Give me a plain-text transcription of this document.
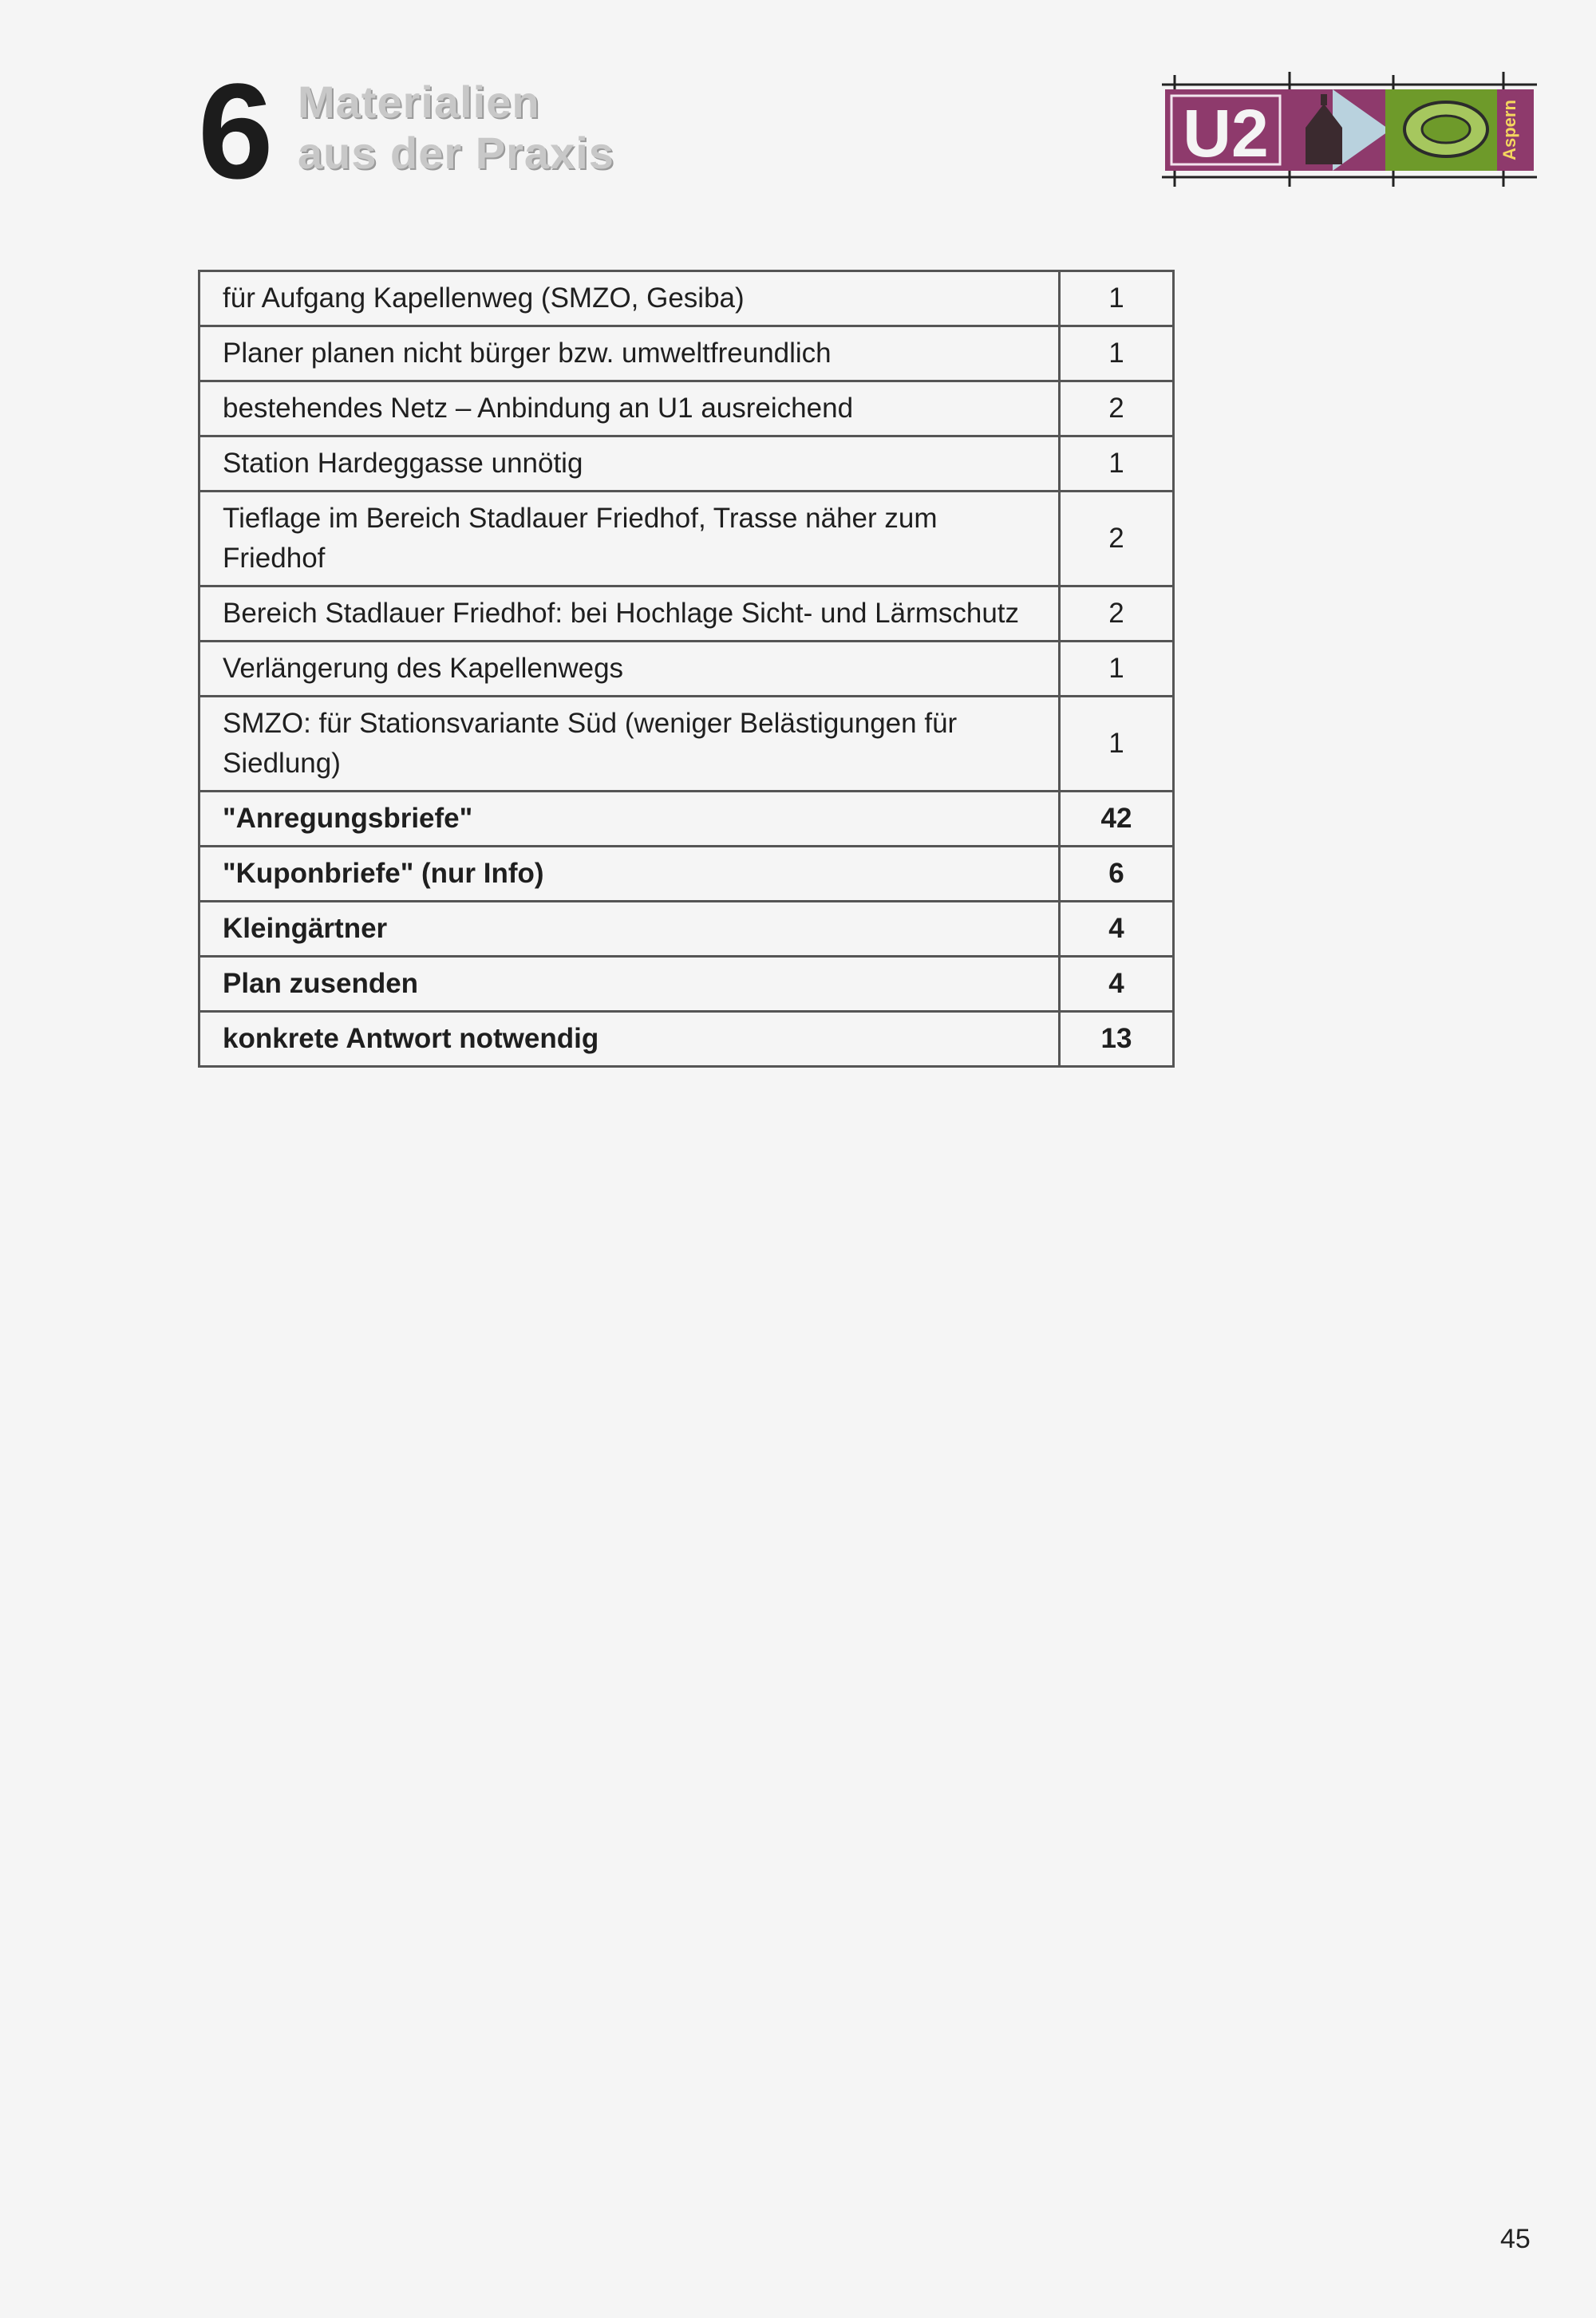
6 Materialien
aus der Praxis	U2	Aspern
für Aufgang Kapellenweg (SMZO, Gesiba)	1
Planer planen nicht bürger bzw. umweltfreundlich	1
bestehendes Netz – Anbindung an U1 ausreichend	2
Station Hardeggasse unnötig	1
Tieflage im Bereich Stadlauer Friedhof, Trasse näher zum Friedhof	2
Bereich Stadlauer Friedhof: bei Hochlage Sicht- und Lärmschutz	2
Verlängerung des Kapellenwegs	1
SMZO: für Stationsvariante Süd (weniger Belästigungen für Siedlung)	1
"Anregungsbriefe"	42
"Kuponbriefe" (nur Info)	6
Kleingärtner	4
Plan zusenden	4
konkrete Antwort notwendig	13
45
